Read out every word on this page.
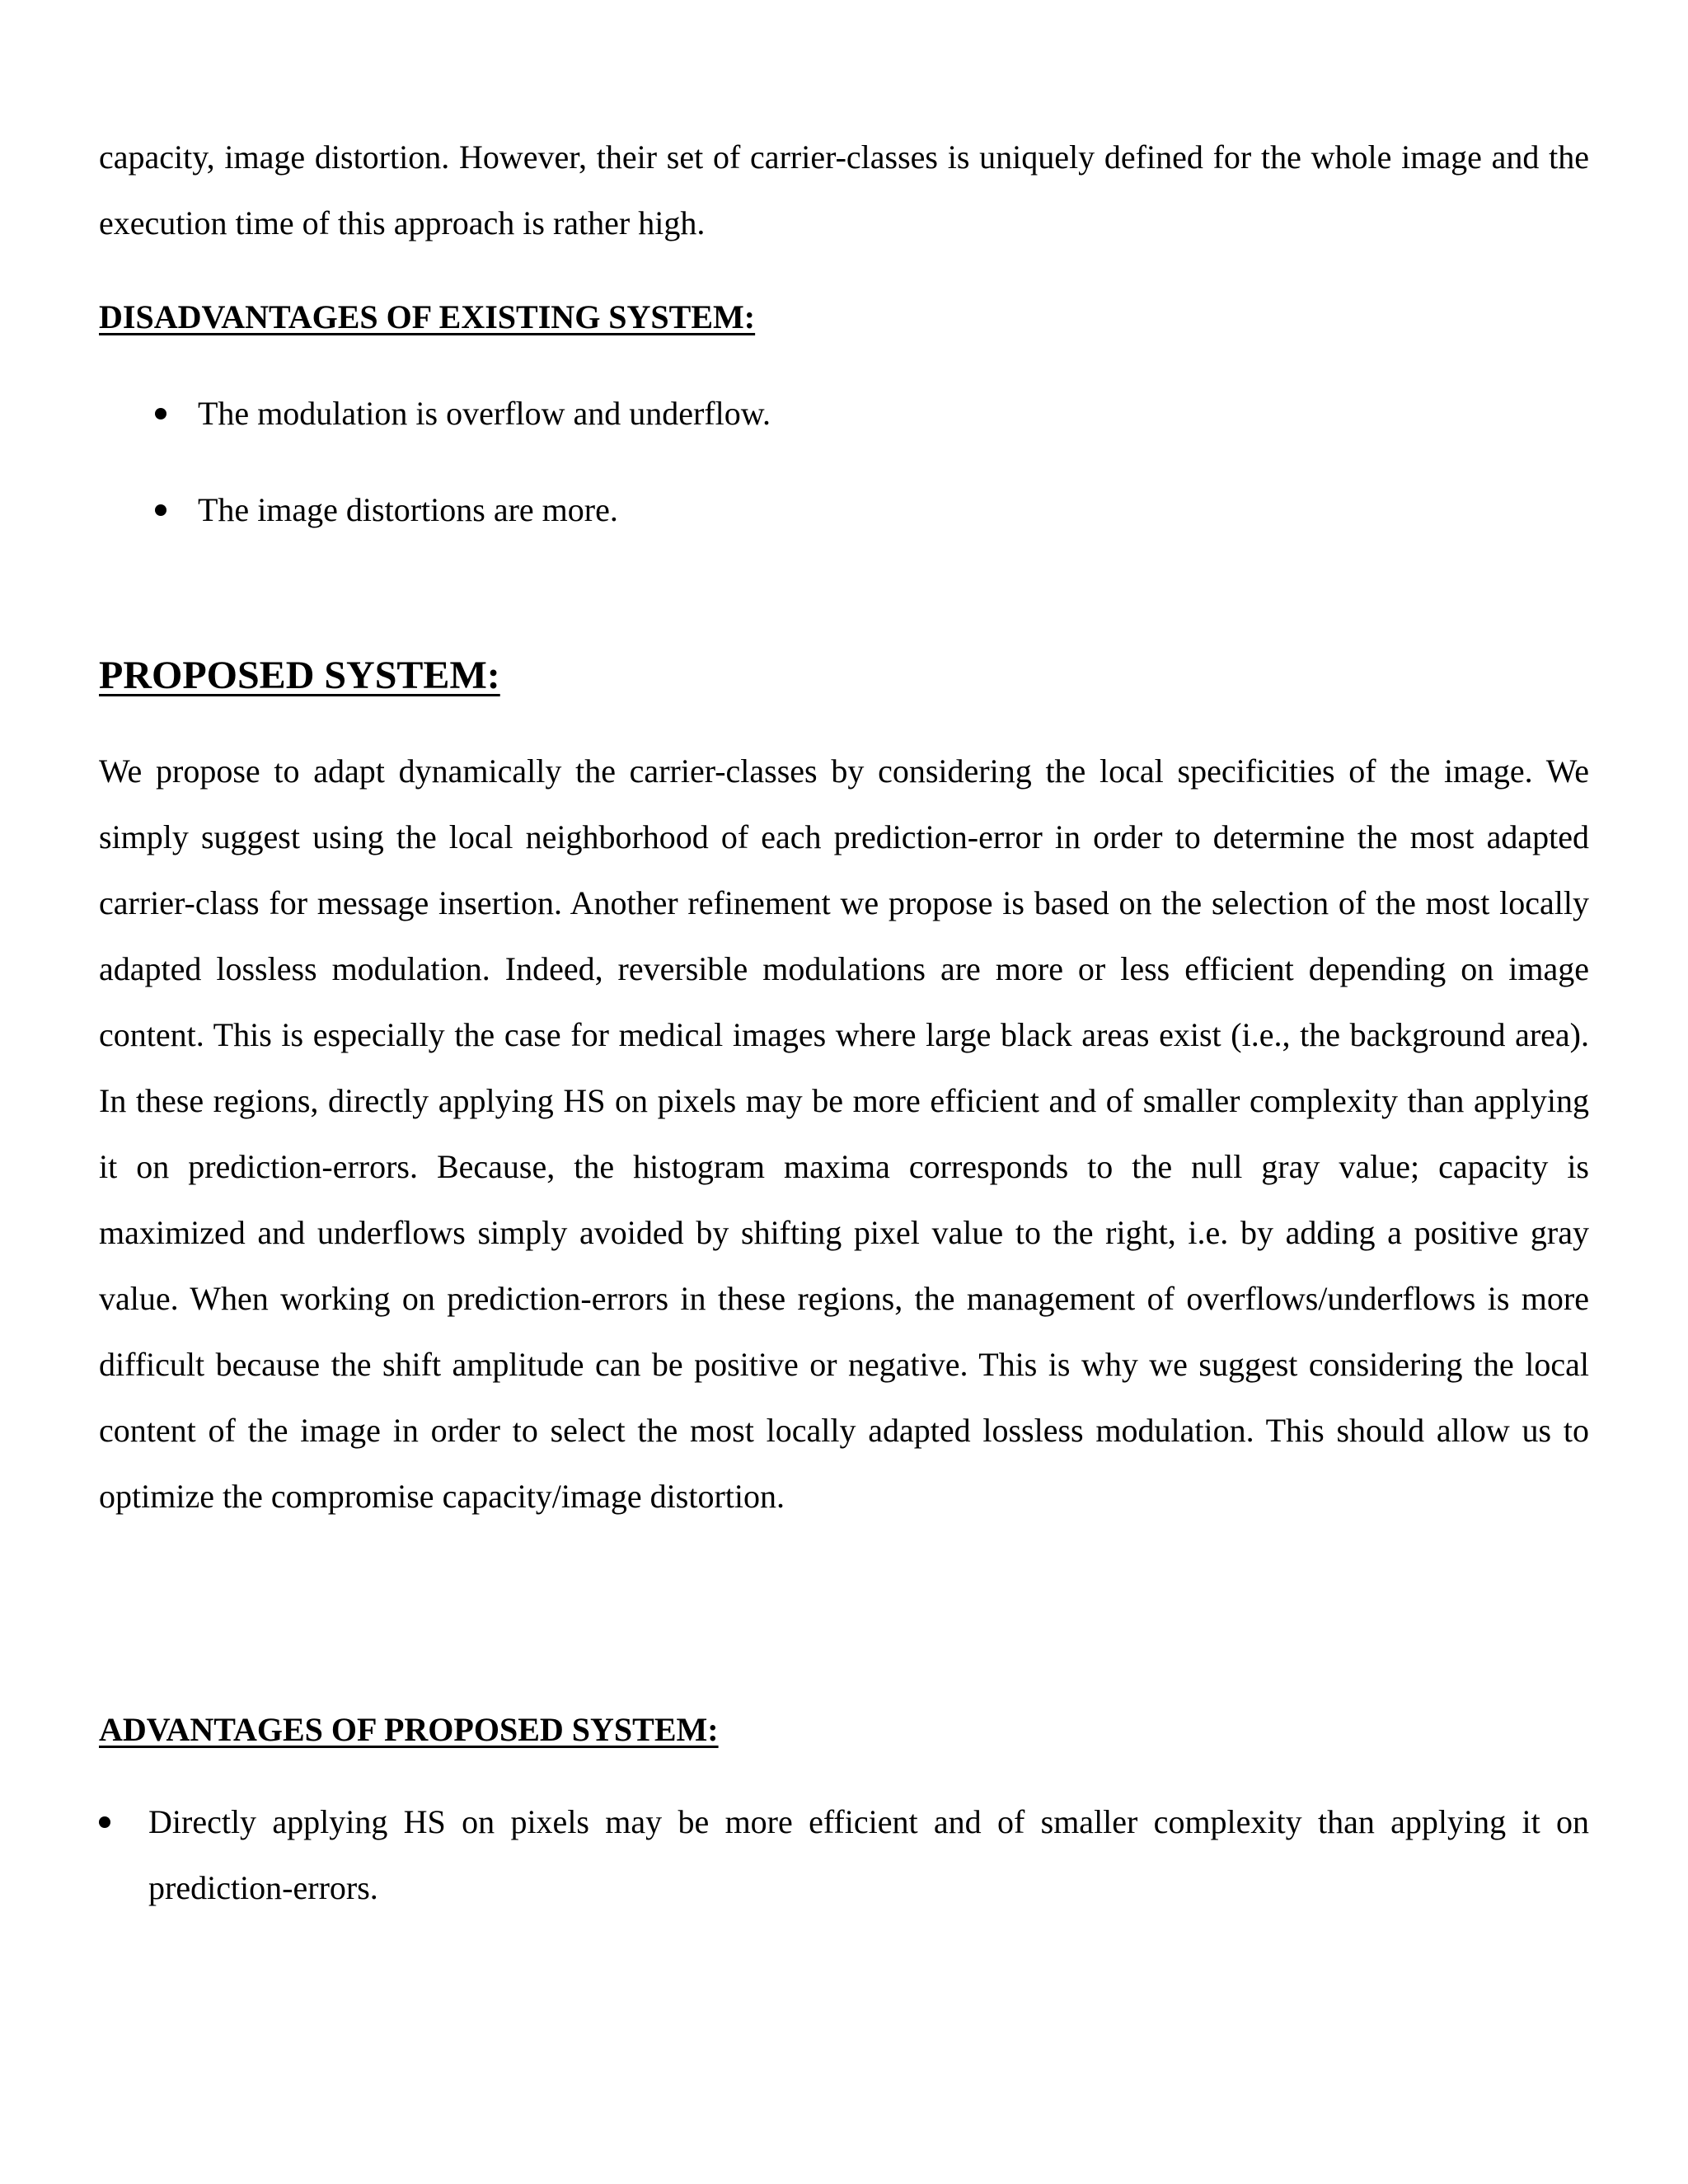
capacity, image distortion. However, their set of carrier-classes is uniquely defined for the whole image and the execution time of this approach is rather high.

DISADVANTAGES OF EXISTING SYSTEM:
The modulation is overflow and underflow.
The image distortions are more.
PROPOSED SYSTEM:

We propose to adapt dynamically the carrier-classes by considering the local specificities of the image. We simply suggest using the local neighborhood of each prediction-error in order to determine the most adapted carrier-class for message insertion. Another refinement we propose is based on the selection of the most locally adapted lossless modulation. Indeed, reversible modulations are more or less efficient depending on image content. This is especially the case for medical images where large black areas exist (i.e., the background area). In these regions, directly applying HS on pixels may be more efficient and of smaller complexity than applying it on prediction-errors. Because, the histogram maxima corresponds to the null gray value; capacity is maximized and underflows simply avoided by shifting pixel value to the right, i.e. by adding a positive gray value. When working on prediction-errors in these regions, the management of overflows/underflows is more difficult because the shift amplitude can be positive or negative. This is why we suggest considering the local content of the image in order to select the most locally adapted lossless modulation. This should allow us to optimize the compromise capacity/image distortion.

ADVANTAGES OF PROPOSED SYSTEM:
Directly applying HS on pixels may be more efficient and of smaller complexity than applying it on prediction-errors.
